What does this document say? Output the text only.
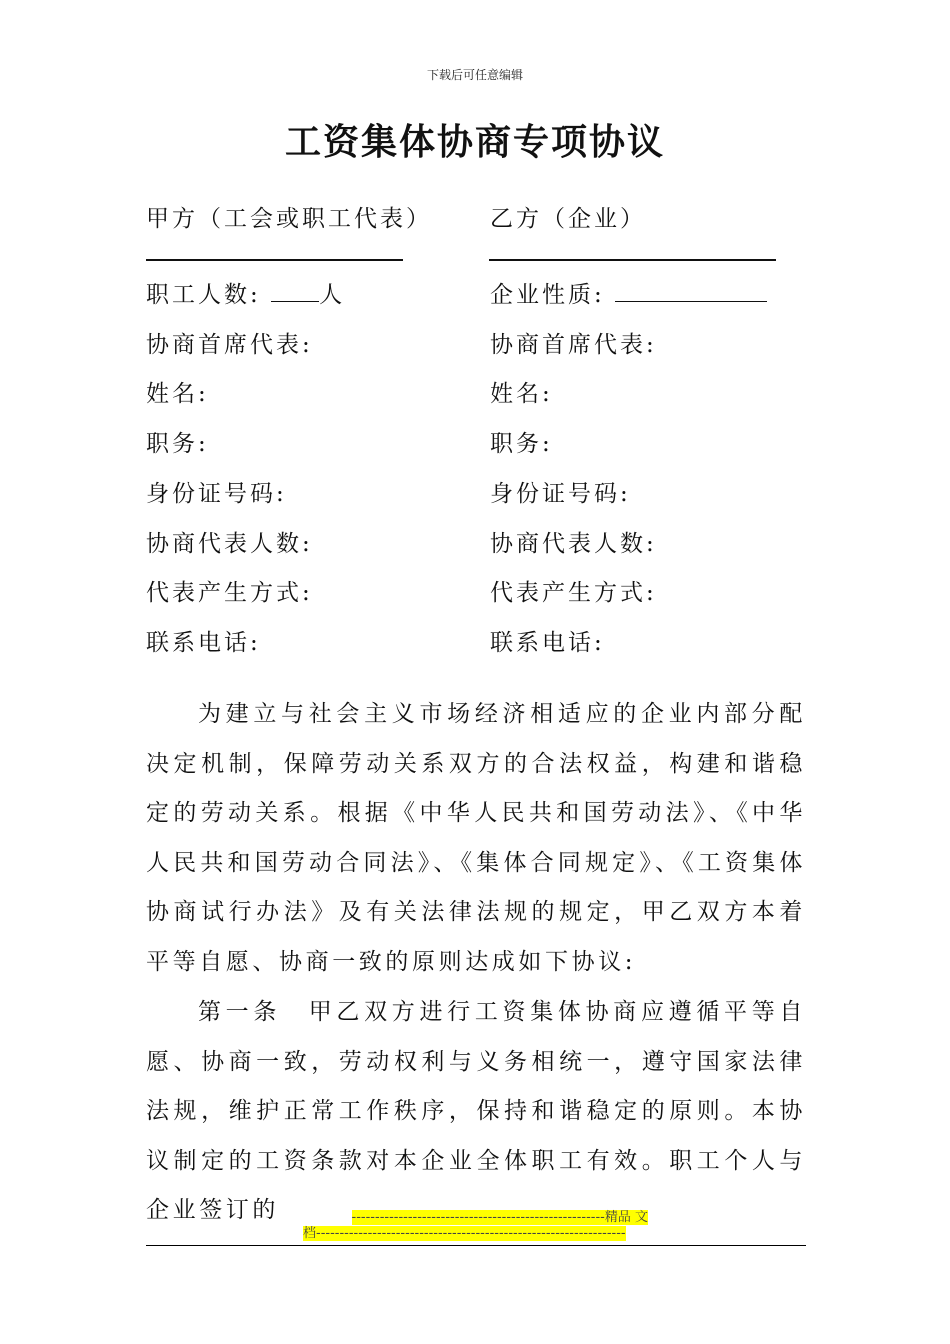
下载后可任意编辑
工资集体协商专项协议
甲方（工会或职工代表）
职工人数:	人
协商首席代表:
姓名:
职务:
身份证号码:
协商代表人数:
代表产生方式:
联系电话:
乙方（企业）
企业性质:
协商首席代表:
姓名:
职务:
身份证号码:
协商代表人数:
代表产生方式:
联系电话:

为建立与社会主义市场经济相适应的企业内部分配决定机制，保障劳动关系双方的合法权益，构建和谐稳定的劳动关系。根据《中华人民共和国劳动法》、《中华人民共和国劳动合同法》、《集体合同规定》、《工资集体协商试行办法》及有关法律法规的规定，甲乙双方本着平等自愿、协商一致的原则达成如下协议:

第一条　甲乙双方进行工资集体协商应遵循平等自愿、协商一致，劳动权利与义务相统一，遵守国家法律法规，维护正常工作秩序，保持和谐稳定的原则。本协议制定的工资条款对本企业全体职工有效。职工个人与企业签订的	------------------------------------------------------精品 文
档------------------------------------------------------------------
